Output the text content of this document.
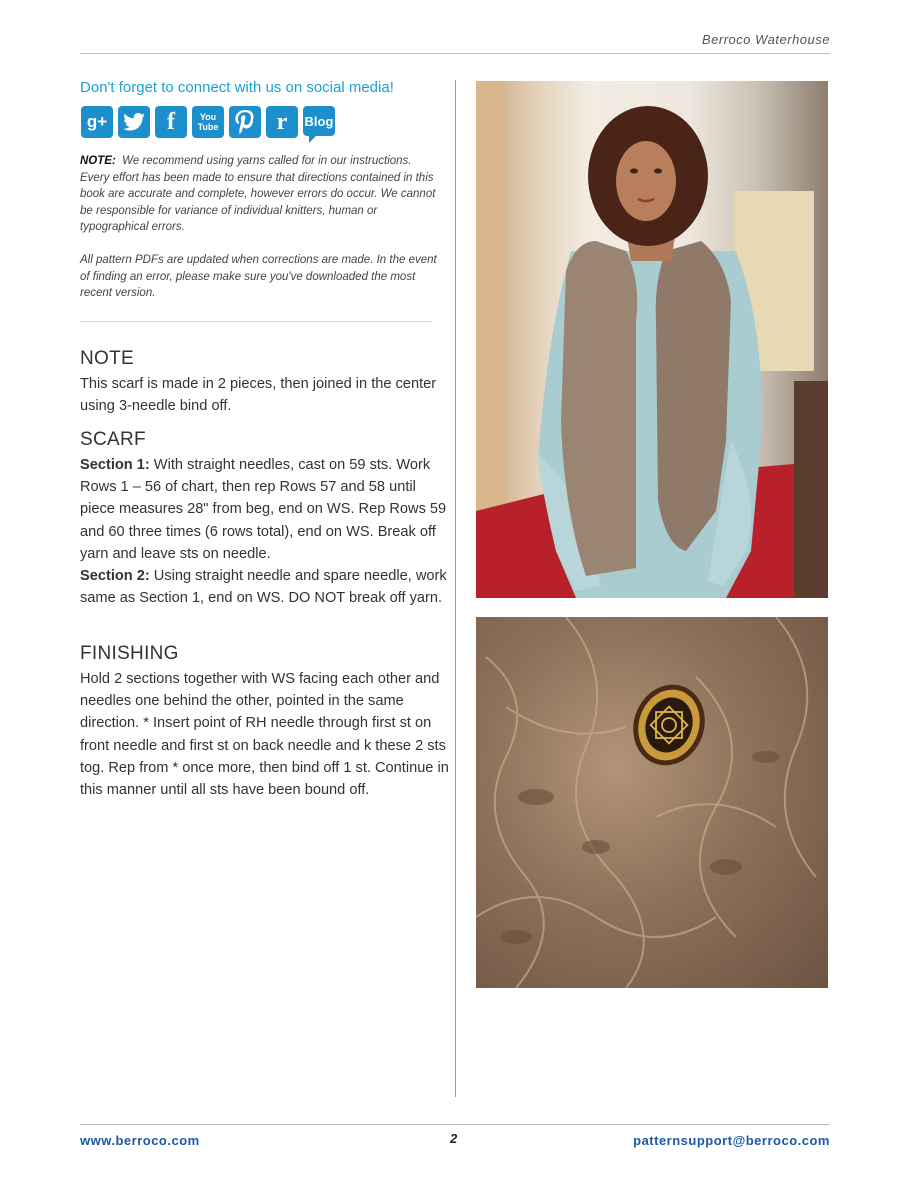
Berroco Waterhouse
Don't forget to connect with us on social media!
g+ f	You
Tube r Blog

NOTE: We recommend using yarns called for in our instructions. Every effort has been made to ensure that directions contained in this book are accurate and complete, however errors do occur. We cannot be responsible for variance of individual knitters, human or typographical errors.

All pattern PDFs are updated when corrections are made. In the event of finding an error, please make sure you've downloaded the most recent version.

NOTE

This scarf is made in 2 pieces, then joined in the center using 3-needle bind off.

SCARF

Section 1: With straight needles, cast on 59 sts. Work Rows 1 – 56 of chart, then rep Rows 57 and 58 until piece measures 28" from beg, end on WS. Rep Rows 59 and 60 three times (6 rows total), end on WS. Break off yarn and leave sts on needle.
Section 2: Using straight needle and spare needle, work same as Section 1, end on WS. DO NOT break off yarn.

FINISHING

Hold 2 sections together with WS facing each other and needles one behind the other, pointed in the same direction. * Insert point of RH needle through first st on front needle and first st on back needle and k these 2 sts tog. Rep from * once more, then bind off 1 st. Continue in this manner until all sts have been bound off.

www.berroco.com	2	patternsupport@berroco.com
